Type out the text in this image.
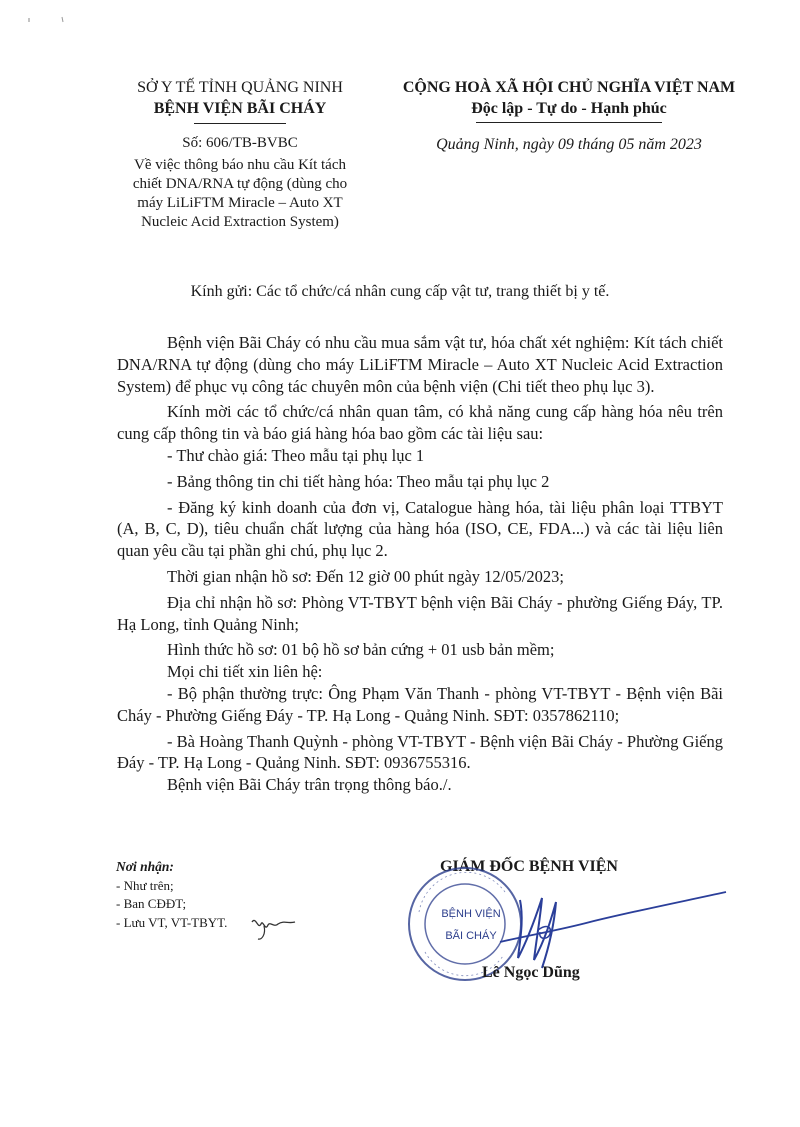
SỞ Y TẾ TỈNH QUẢNG NINH
BỆNH VIỆN BÃI CHÁY
CỘNG HOÀ XÃ HỘI CHỦ NGHĨA VIỆT NAM
Độc lập - Tự do - Hạnh phúc
Số: 606/TB-BVBC
Về việc thông báo nhu cầu Kít tách
chiết DNA/RNA tự động (dùng cho
máy LiLiFTM Miracle – Auto XT
Nucleic Acid Extraction System)
Quảng Ninh, ngày 09 tháng 05 năm 2023
Kính gửi: Các tổ chức/cá nhân cung cấp vật tư, trang thiết bị y tế.

Bệnh viện Bãi Cháy có nhu cầu mua sắm vật tư, hóa chất xét nghiệm: Kít tách chiết DNA/RNA tự động (dùng cho máy LiLiFTM Miracle – Auto XT Nucleic Acid Extraction System) để phục vụ công tác chuyên môn của bệnh viện (Chi tiết theo phụ lục 3).

Kính mời các tổ chức/cá nhân quan tâm, có khả năng cung cấp hàng hóa nêu trên cung cấp thông tin và báo giá hàng hóa bao gồm các tài liệu sau:

- Thư chào giá: Theo mẫu tại phụ lục 1

- Bảng thông tin chi tiết hàng hóa: Theo mẫu tại phụ lục 2

- Đăng ký kinh doanh của đơn vị, Catalogue hàng hóa, tài liệu phân loại TTBYT (A, B, C, D), tiêu chuẩn chất lượng của hàng hóa (ISO, CE, FDA...) và các tài liệu liên quan yêu cầu tại phần ghi chú, phụ lục 2.

Thời gian nhận hồ sơ: Đến 12 giờ 00 phút ngày 12/05/2023;

Địa chỉ nhận hồ sơ: Phòng VT-TBYT bệnh viện Bãi Cháy - phường Giếng Đáy, TP. Hạ Long, tỉnh Quảng Ninh;

Hình thức hồ sơ: 01 bộ hồ sơ bản cứng + 01 usb bản mềm;

Mọi chi tiết xin liên hệ:

- Bộ phận thường trực: Ông Phạm Văn Thanh - phòng VT-TBYT - Bệnh viện Bãi Cháy - Phường Giếng Đáy - TP. Hạ Long - Quảng Ninh. SĐT: 0357862110;

- Bà Hoàng Thanh Quỳnh - phòng VT-TBYT - Bệnh viện Bãi Cháy - Phường Giếng Đáy - TP. Hạ Long - Quảng Ninh. SĐT: 0936755316.

Bệnh viện Bãi Cháy trân trọng thông báo./.

Nơi nhận:
- Như trên;
- Ban CĐĐT;
- Lưu VT, VT-TBYT.
GIÁM ĐỐC BỆNH VIỆN
BỆNH VIỆN
BÃI CHÁY
Lê Ngọc Dũng
